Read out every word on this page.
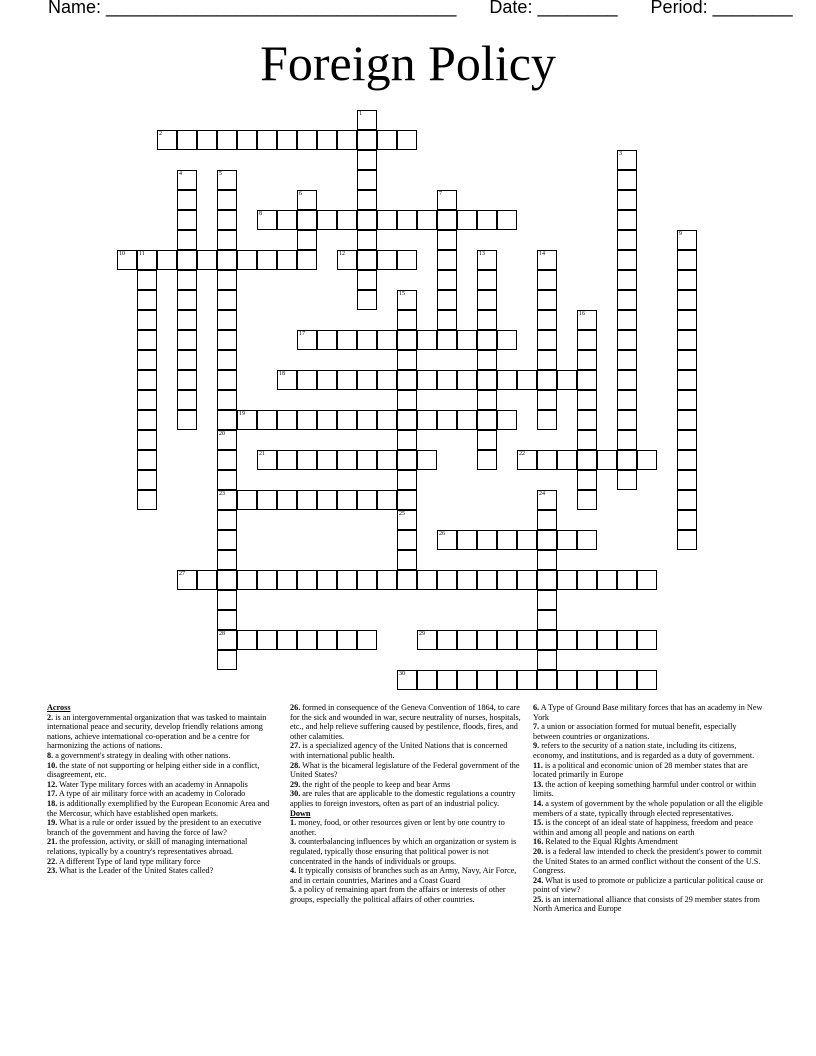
Name: ___________________________________ Date: ________ Period: ________
Foreign Policy
1
2
3
4	5
6	7
8
9
10 11	12	13	14
15
16
17
18
19
20
23
28
21	22
24
25
26
27
29
30
Across
2. is an intergovernmental organization that was tasked to maintain international peace and security, develop friendly relations among nations, achieve international co-operation and be a centre for harmonizing the actions of nations.
8. a government's strategy in dealing with other nations.
10. the state of not supporting or helping either side in a conflict, disagreement, etc.
12. Water Type military forces with an academy in Annapolis
17. A type of air military force with an academy in Colorado
18. is additionally exemplified by the European Economic Area and the Mercosur, which have established open markets.
19. What is a rule or order issued by the president to an executive branch of the government and having the force of law?
21. the profession, activity, or skill of managing international relations, typically by a country's representatives abroad.
22. A different Type of land type military force
23. What is the Leader of the United States called?
26. formed in consequence of the Geneva Convention of 1864, to care for the sick and wounded in war, secure neutrality of nurses, hospitals, etc., and help relieve suffering caused by pestilence, floods, fires, and other calamities.
27. is a specialized agency of the United Nations that is concerned with international public health.
28. What is the bicameral legislature of the Federal government of the United States?
29. the right of the people to keep and bear Arms
30. are rules that are applicable to the domestic regulations a country applies to foreign investors, often as part of an industrial policy.
Down
1. money, food, or other resources given or lent by one country to another.
3. counterbalancing influences by which an organization or system is regulated, typically those ensuring that political power is not concentrated in the hands of individuals or groups.
4. It typically consists of branches such as an Army, Navy, Air Force, and in certain countries, Marines and a Coast Guard
5. a policy of remaining apart from the affairs or interests of other groups, especially the political affairs of other countries.
6. A Type of Ground Base military forces that has an academy in New York
7. a union or association formed for mutual benefit, especially between countries or organizations.
9. refers to the security of a nation state, including its citizens, economy, and institutions, and is regarded as a duty of government.
11. is a political and economic union of 28 member states that are located primarily in Europe
13. the action of keeping something harmful under control or within limits.
14. a system of government by the whole population or all the eligible members of a state, typically through elected representatives.
15. is the concept of an ideal state of happiness, freedom and peace within and among all people and nations on earth
16. Related to the Equal RIghts Amendment
20. is a federal law intended to check the president's power to commit the United States to an armed conflict without the consent of the U.S. Congress.
24. What is used to promote or publicize a particular political cause or point of view?
25. is an international alliance that consists of 29 member states from North America and Europe
